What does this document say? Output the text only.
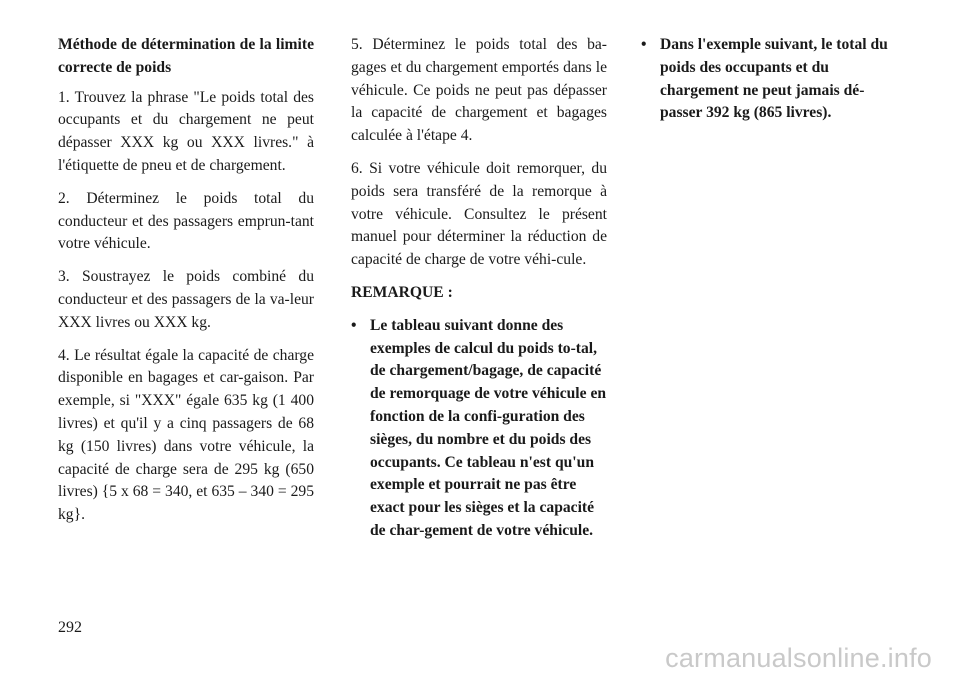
Méthode de détermination de la limite correcte de poids

1. Trouvez la phrase "Le poids total des occupants et du chargement ne peut dépasser XXX kg ou XXX livres." à l'étiquette de pneu et de chargement.

2. Déterminez le poids total du conducteur et des passagers emprun-tant votre véhicule.

3. Soustrayez le poids combiné du conducteur et des passagers de la va-leur XXX livres ou XXX kg.

4. Le résultat égale la capacité de charge disponible en bagages et car-gaison. Par exemple, si "XXX" égale 635 kg (1 400 livres) et qu'il y a cinq passagers de 68 kg (150 livres) dans votre véhicule, la capacité de charge sera de 295 kg (650 livres) {5 x 68 = 340, et 635 – 340 = 295 kg}.

5. Déterminez le poids total des ba-gages et du chargement emportés dans le véhicule. Ce poids ne peut pas dépasser la capacité de chargement et bagages calculée à l'étape 4.

6. Si votre véhicule doit remorquer, du poids sera transféré de la remorque à votre véhicule. Consultez le présent manuel pour déterminer la réduction de capacité de charge de votre véhi-cule.

REMARQUE :

• Le tableau suivant donne des exemples de calcul du poids to-tal, de chargement/bagage, de capacité de remorquage de votre véhicule en fonction de la confi-guration des sièges, du nombre et du poids des occupants. Ce tableau n'est qu'un exemple et pourrait ne pas être exact pour les sièges et la capacité de char-gement de votre véhicule.
• Dans l'exemple suivant, le total du poids des occupants et du chargement ne peut jamais dé-passer 392 kg (865 livres).
292
carmanualsonline.info
